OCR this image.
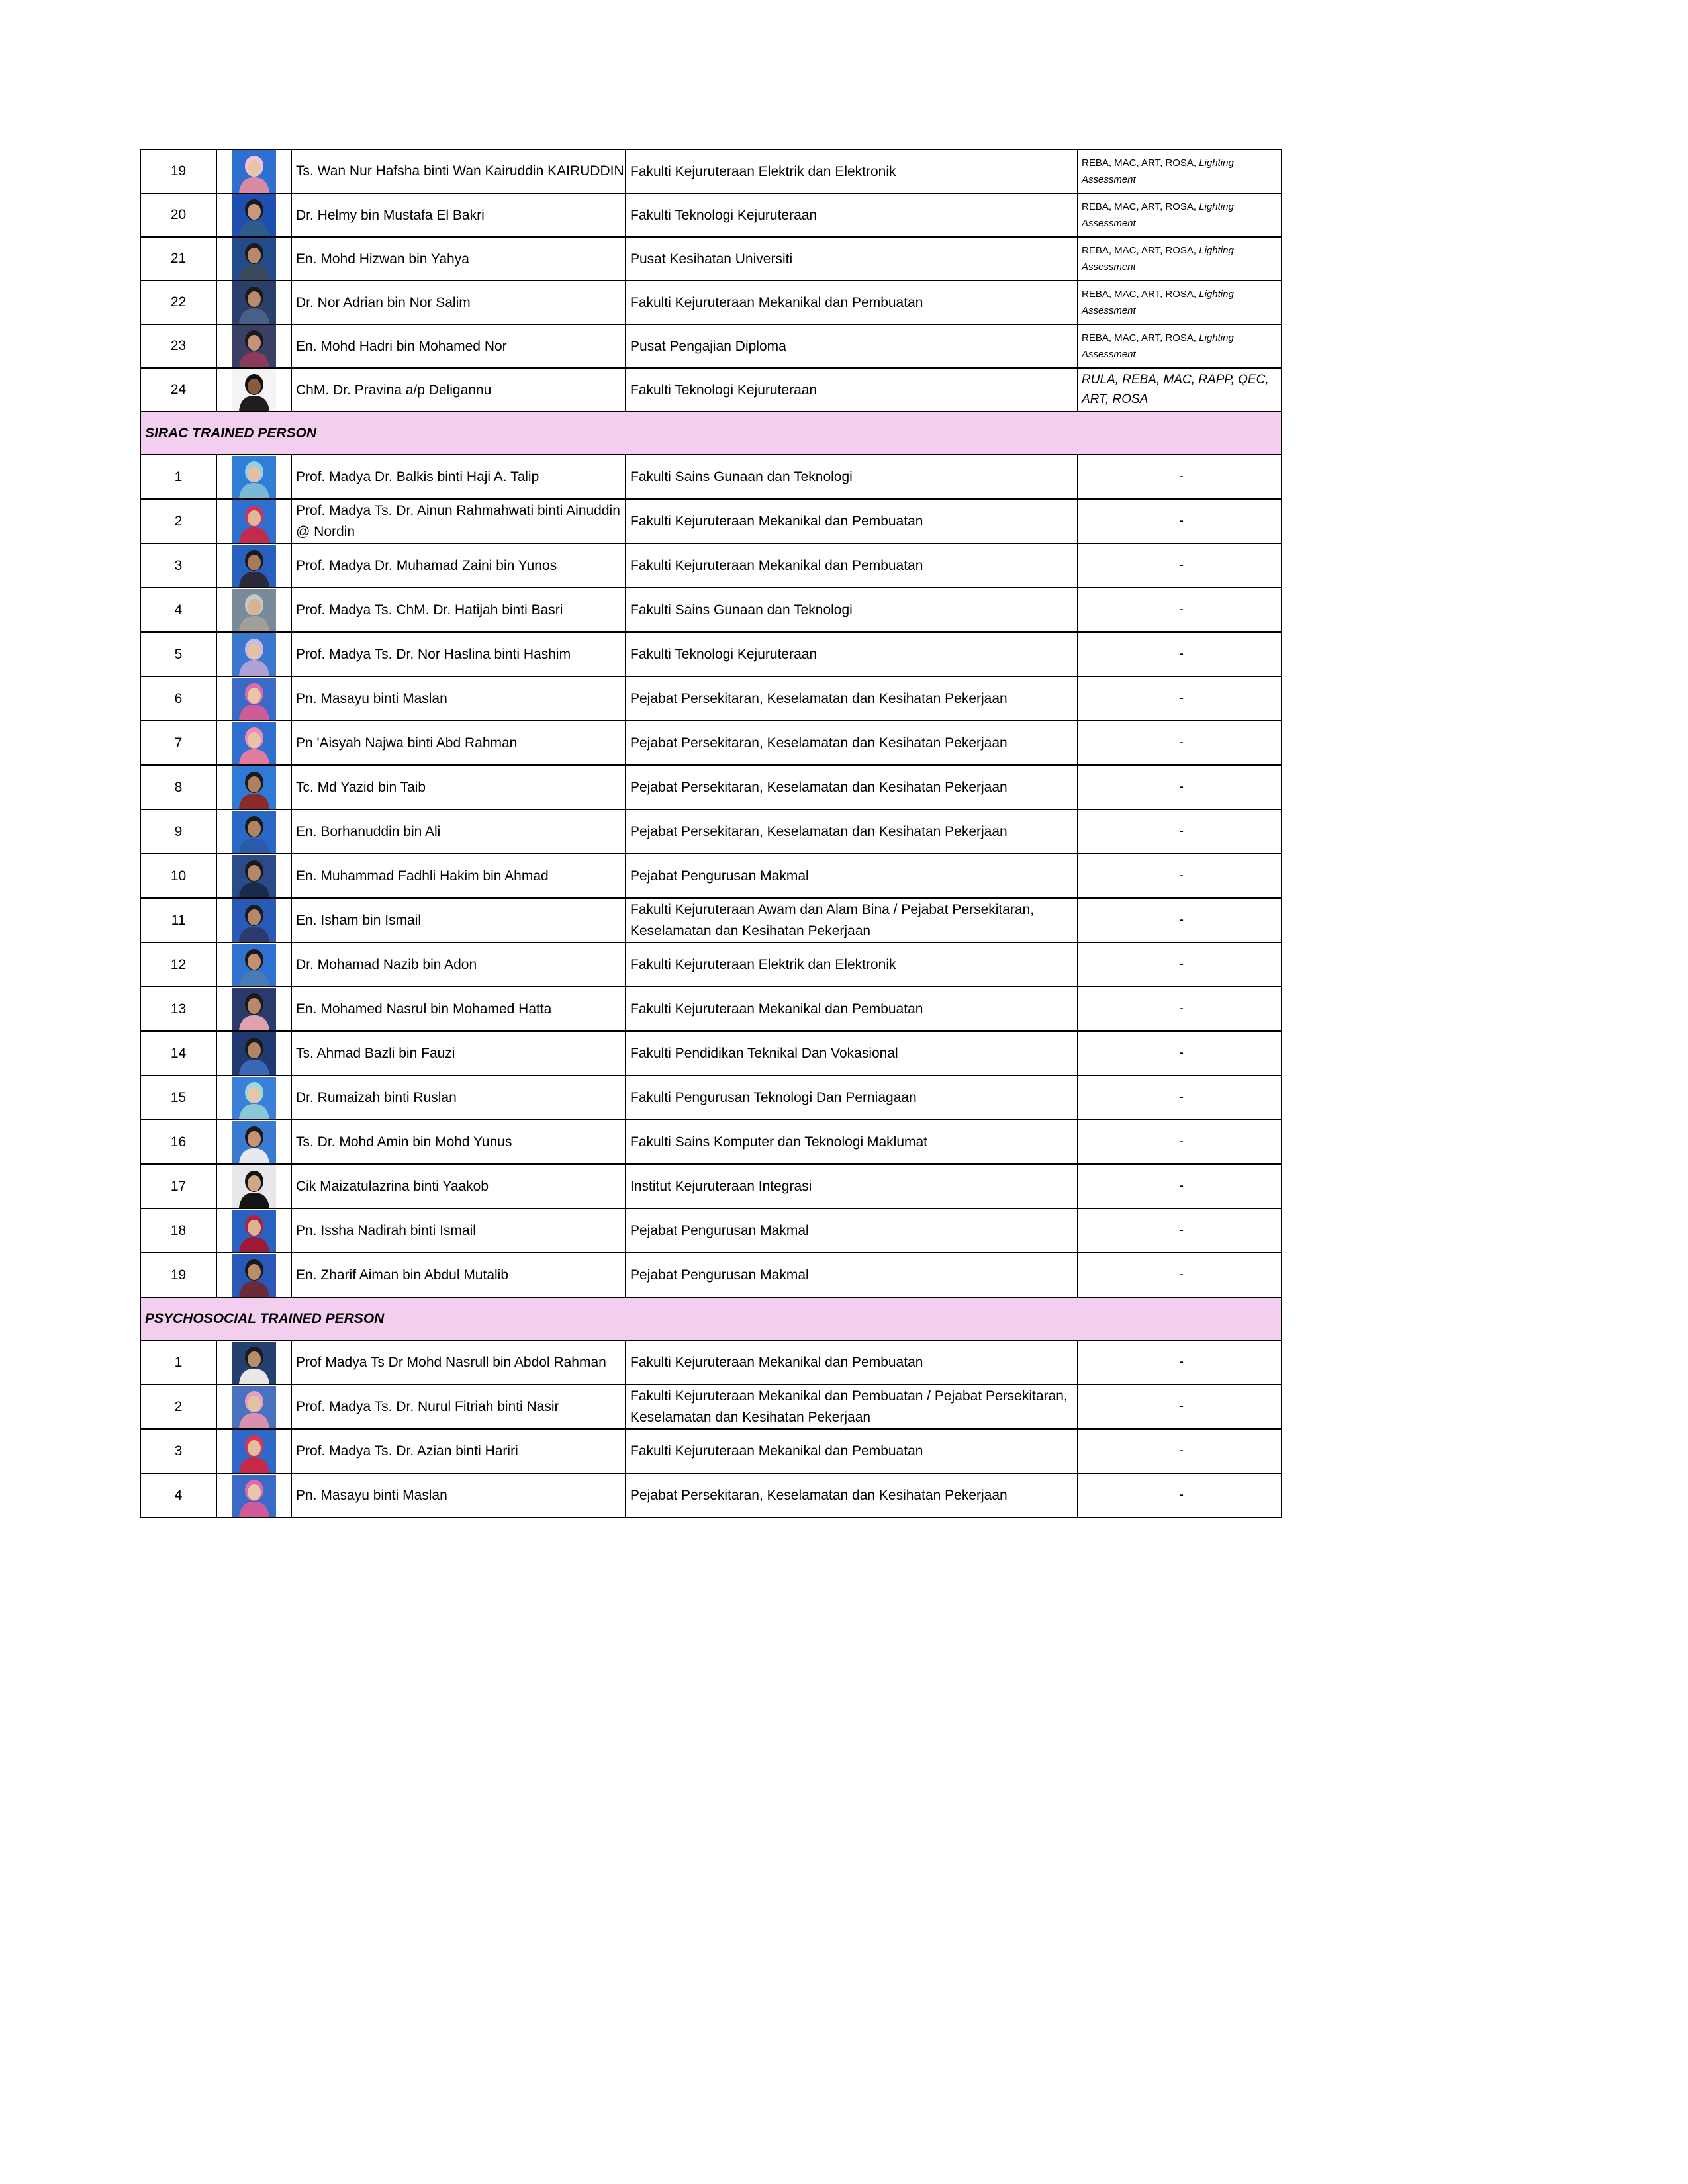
19		Ts. Wan Nur Hafsha binti Wan Kairuddin KAIRUDDIN	Fakulti Kejuruteraan Elektrik dan Elektronik	REBA, MAC, ART, ROSA, Lighting Assessment
20		Dr. Helmy bin Mustafa El Bakri	Fakulti Teknologi Kejuruteraan	REBA, MAC, ART, ROSA, Lighting Assessment
21		En. Mohd Hizwan bin Yahya	Pusat Kesihatan Universiti	REBA, MAC, ART, ROSA, Lighting Assessment
22		Dr. Nor Adrian bin Nor Salim	Fakulti Kejuruteraan Mekanikal dan Pembuatan	REBA, MAC, ART, ROSA, Lighting Assessment
23		En. Mohd Hadri bin Mohamed Nor	Pusat Pengajian Diploma	REBA, MAC, ART, ROSA, Lighting Assessment
24		ChM. Dr. Pravina a/p Deligannu	Fakulti Teknologi Kejuruteraan	RULA, REBA, MAC, RAPP, QEC, ART, ROSA
SIRAC TRAINED PERSON				
1		Prof. Madya Dr. Balkis binti Haji A. Talip	Fakulti Sains Gunaan dan Teknologi	-
2		Prof. Madya Ts. Dr. Ainun Rahmahwati binti Ainuddin @ Nordin	Fakulti Kejuruteraan Mekanikal dan Pembuatan	-
3		Prof. Madya Dr. Muhamad Zaini bin Yunos	Fakulti Kejuruteraan Mekanikal dan Pembuatan	-
4		Prof. Madya Ts. ChM. Dr. Hatijah binti Basri	Fakulti Sains Gunaan dan Teknologi	-
5		Prof. Madya Ts. Dr. Nor Haslina binti Hashim	Fakulti Teknologi Kejuruteraan	-
6		Pn. Masayu binti Maslan	Pejabat Persekitaran, Keselamatan dan Kesihatan Pekerjaan	-
7		Pn 'Aisyah Najwa binti Abd Rahman	Pejabat Persekitaran, Keselamatan dan Kesihatan Pekerjaan	-
8		Tc. Md Yazid bin Taib	Pejabat Persekitaran, Keselamatan dan Kesihatan Pekerjaan	-
9		En. Borhanuddin bin Ali	Pejabat Persekitaran, Keselamatan dan Kesihatan Pekerjaan	-
10		En. Muhammad Fadhli Hakim bin Ahmad	Pejabat Pengurusan Makmal	-
11		En. Isham bin Ismail	Fakulti Kejuruteraan Awam dan Alam Bina / Pejabat Persekitaran, Keselamatan dan Kesihatan Pekerjaan	-
12		Dr. Mohamad Nazib bin Adon	Fakulti Kejuruteraan Elektrik dan Elektronik	-
13		En. Mohamed Nasrul bin Mohamed Hatta	Fakulti Kejuruteraan Mekanikal dan Pembuatan	-
14		Ts. Ahmad Bazli bin Fauzi	Fakulti Pendidikan Teknikal Dan Vokasional	-
15		Dr. Rumaizah binti Ruslan	Fakulti Pengurusan Teknologi Dan Perniagaan	-
16		Ts. Dr. Mohd Amin bin Mohd Yunus	Fakulti Sains Komputer dan Teknologi Maklumat	-
17		Cik Maizatulazrina binti Yaakob	Institut Kejuruteraan Integrasi	-
18		Pn. Issha Nadirah binti Ismail	Pejabat Pengurusan Makmal	-
19		En. Zharif Aiman bin Abdul Mutalib	Pejabat Pengurusan Makmal	-
PSYCHOSOCIAL TRAINED PERSON				
1		Prof Madya Ts Dr Mohd Nasrull bin Abdol Rahman	Fakulti Kejuruteraan Mekanikal dan Pembuatan	-
2		Prof. Madya Ts. Dr. Nurul Fitriah binti Nasir	Fakulti Kejuruteraan Mekanikal dan Pembuatan / Pejabat Persekitaran, Keselamatan dan Kesihatan Pekerjaan	-
3		Prof. Madya Ts. Dr. Azian binti Hariri	Fakulti Kejuruteraan Mekanikal dan Pembuatan	-
4		Pn. Masayu binti Maslan	Pejabat Persekitaran, Keselamatan dan Kesihatan Pekerjaan	-
